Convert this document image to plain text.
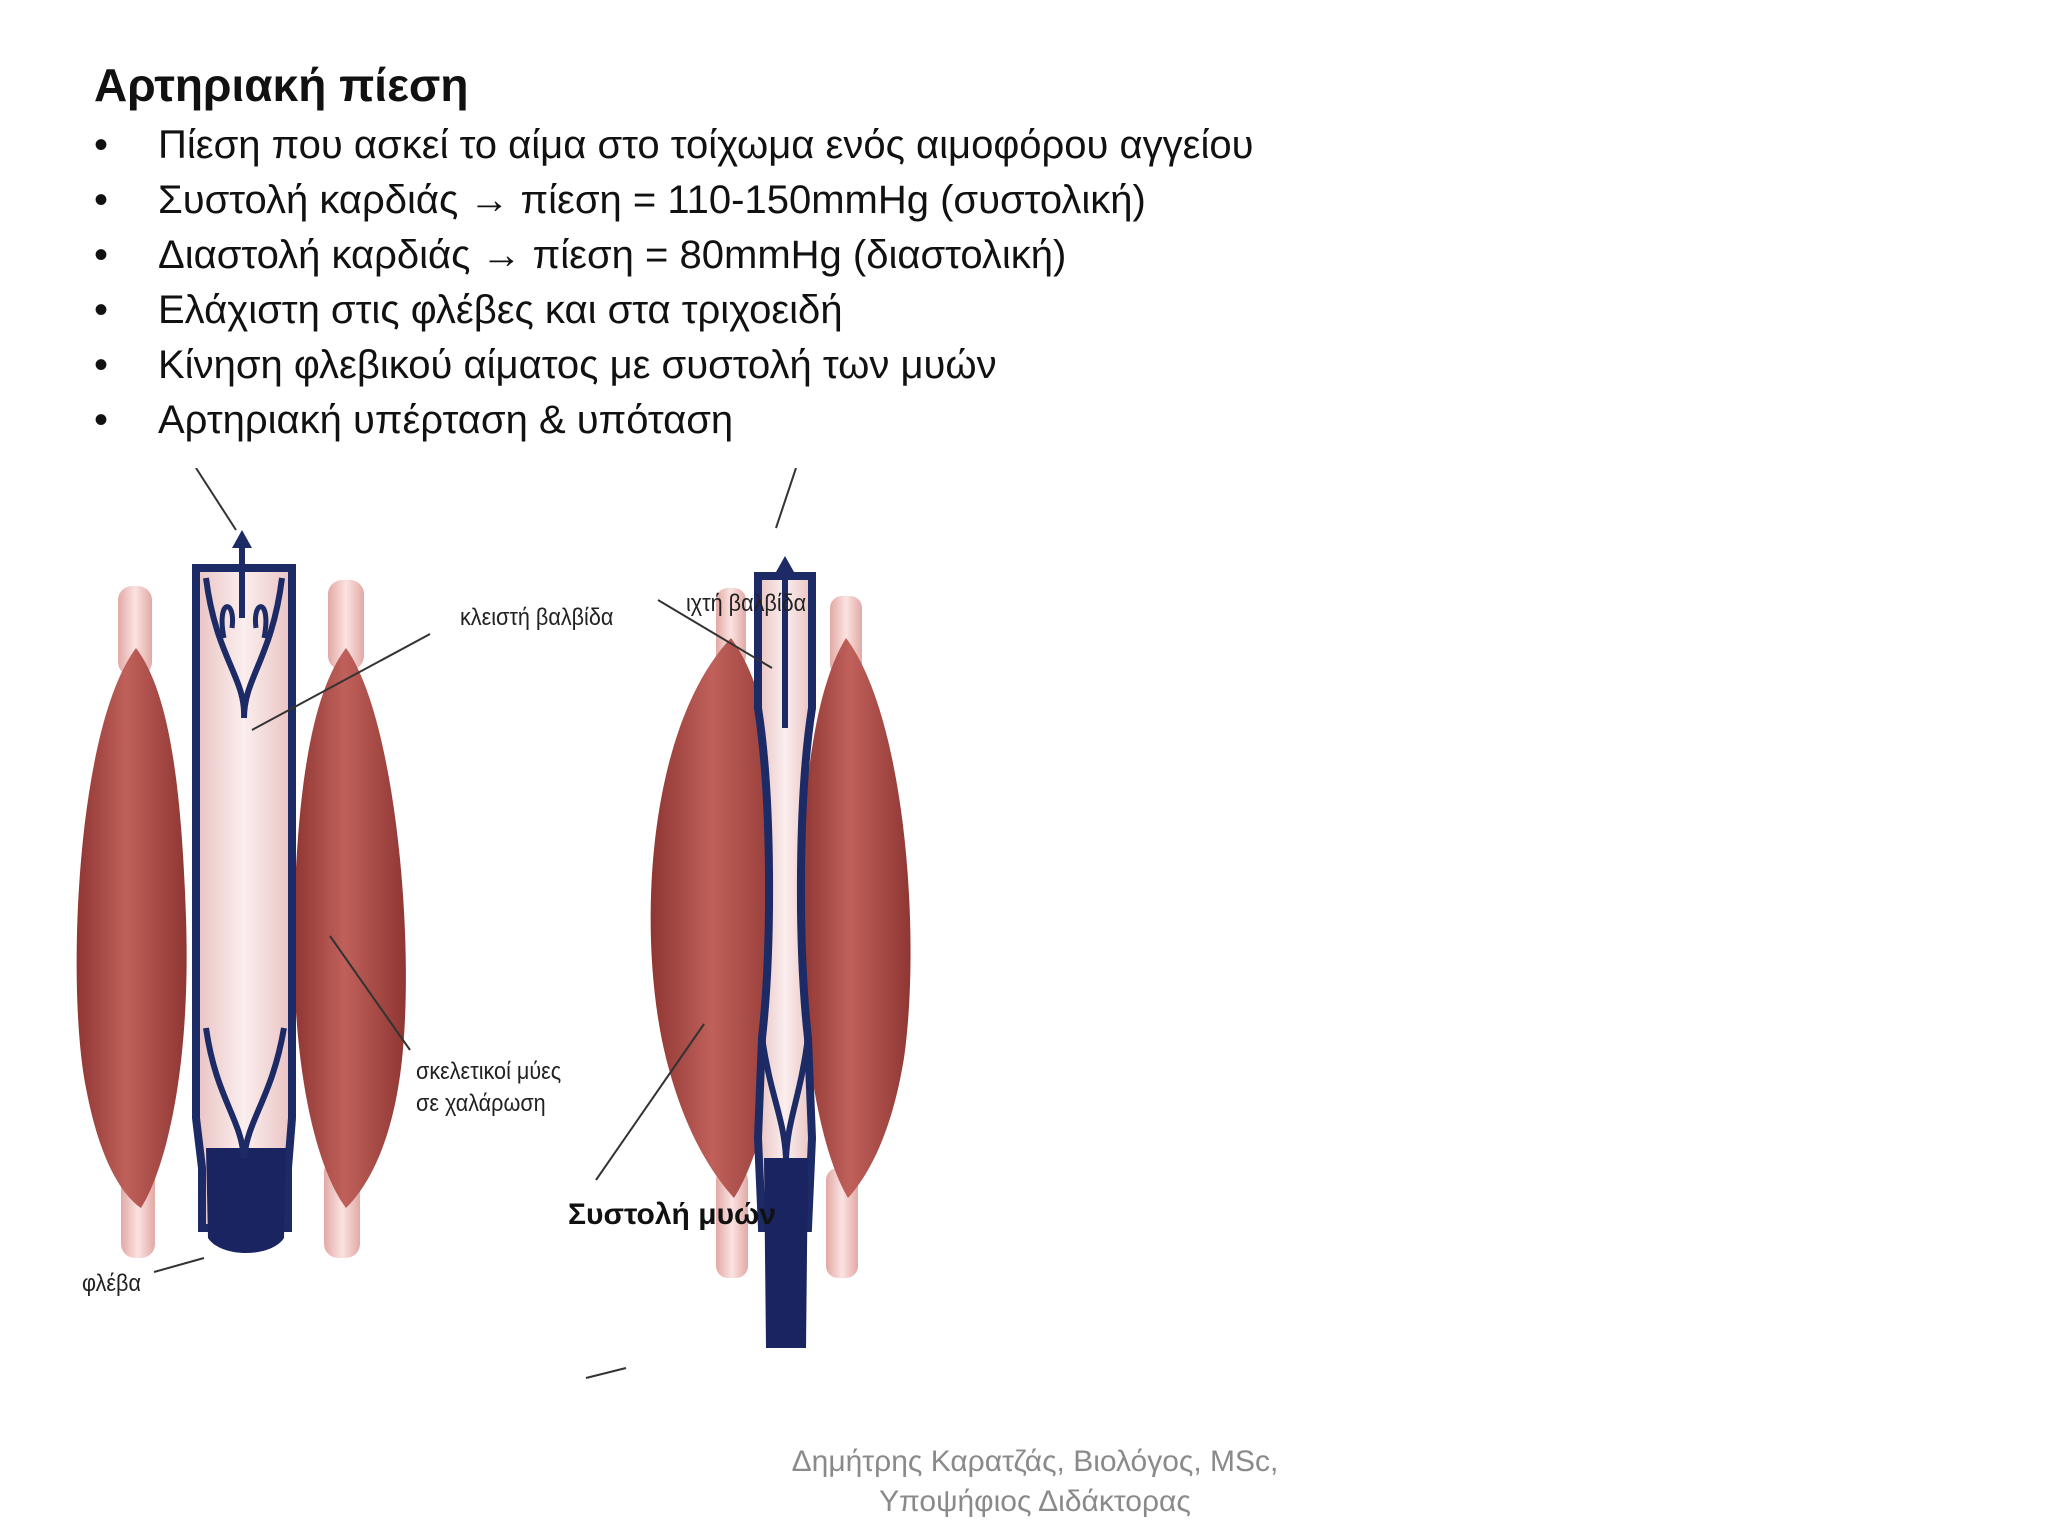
Αρτηριακή πίεση
• Πίεση που ασκεί το αίμα στο τοίχωμα ενός αιμοφόρου αγγείου
• Συστολή καρδιάς → πίεση = 110-150mmHg (συστολική)
• Διαστολή καρδιάς → πίεση = 80mmHg (διαστολική)
• Ελάχιστη στις φλέβες και στα τριχοειδή
• Κίνηση φλεβικού αίματος με συστολή των μυών
• Αρτηριακή υπέρταση & υπόταση
κλειστή βαλβίδα
ιχτή βαλβίδα
σκελετικοί μύες
σε χαλάρωση
φλέβα
Συστολή μυών
Δημήτρης Καρατζάς, Βιολόγος, MSc,
Υποψήφιος Διδάκτορας
